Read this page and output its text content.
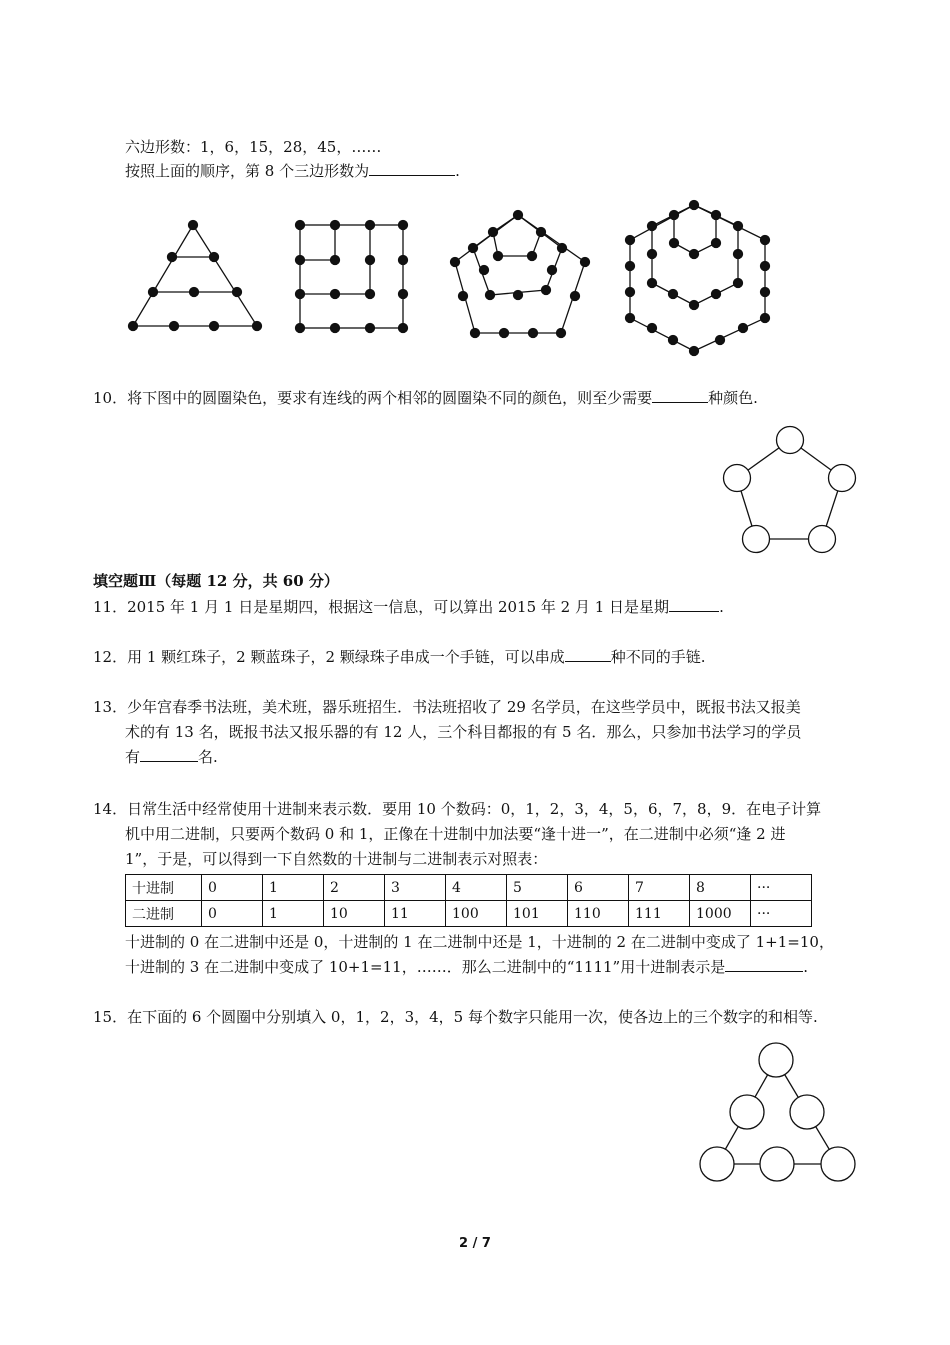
六边形数：1，6，15，28，45，……
按照上面的顺序，第 8 个三边形数为	.
10．将下图中的圆圈染色，要求有连线的两个相邻的圆圈染不同的颜色，则至少需要	种颜色.
填空题Ⅲ（每题 12 分，共 60 分）
11．2015 年 1 月 1 日是星期四，根据这一信息，可以算出 2015 年 2 月 1 日是星期	.
12．用 1 颗红珠子，2 颗蓝珠子，2 颗绿珠子串成一个手链，可以串成	种不同的手链.
13．少年宫春季书法班，美术班，器乐班招生．书法班招收了 29 名学员，在这些学员中，既报书法又报美
术的有 13 名，既报书法又报乐器的有 12 人，三个科目都报的有 5 名．那么，只参加书法学习的学员
有	名.
14．日常生活中经常使用十进制来表示数．要用 10 个数码：0，1，2，3，4，5，6，7，8，9．在电子计算
机中用二进制，只要两个数码 0 和 1，正像在十进制中加法要“逢十进一”，在二进制中必须“逢 2 进
1”，于是，可以得到一下自然数的十进制与二进制表示对照表：
十进制	0	1	2	3	4	5	6	7	8	···
二进制	0	1	10	11	100	101	110	111	1000	···
十进制的 0 在二进制中还是 0，十进制的 1 在二进制中还是 1，十进制的 2 在二进制中变成了 1+1=10，
十进制的 3 在二进制中变成了 10+1=11，……．那么二进制中的“1111”用十进制表示是	.
15．在下面的 6 个圆圈中分别填入 0，1，2，3，4，5 每个数字只能用一次，使各边上的三个数字的和相等.
2 / 7
